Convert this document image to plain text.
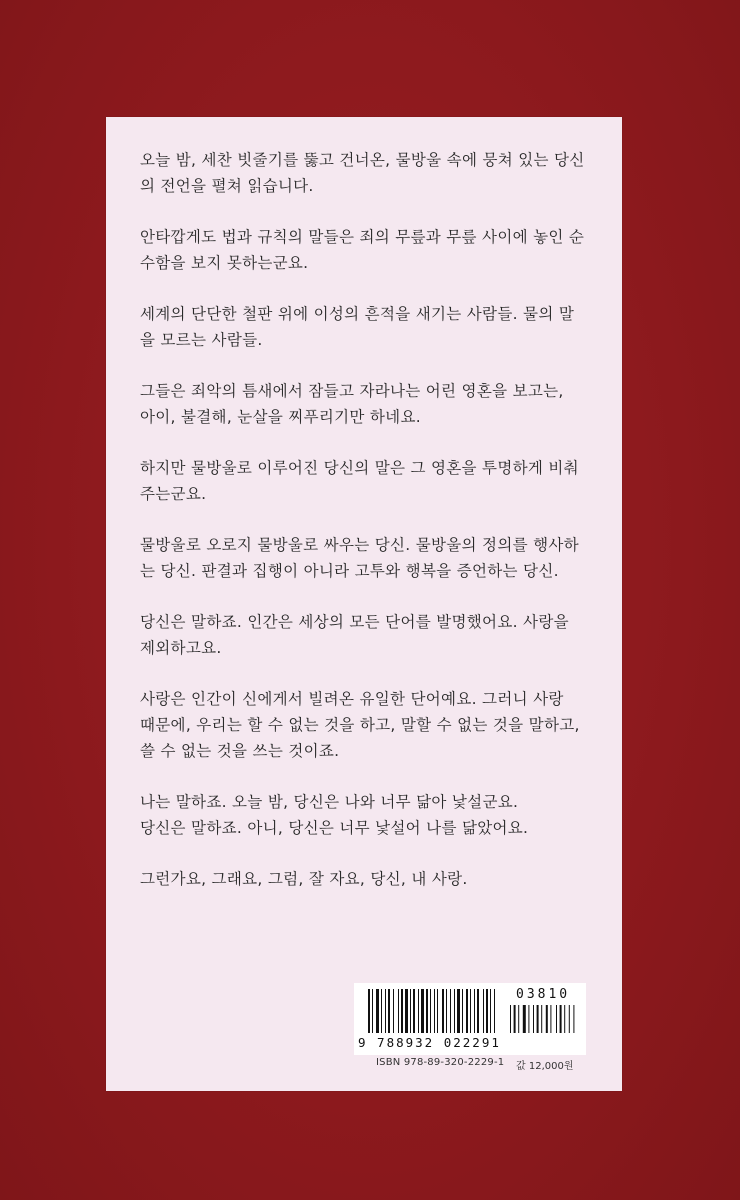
오늘 밤, 세찬 빗줄기를 뚫고 건너온, 물방울 속에 뭉쳐 있는 당신
의 전언을 펼쳐 읽습니다.

안타깝게도 법과 규칙의 말들은 죄의 무릎과 무릎 사이에 놓인 순
수함을 보지 못하는군요.

세계의 단단한 철판 위에 이성의 흔적을 새기는 사람들. 물의 말
을 모르는 사람들.

그들은 죄악의 틈새에서 잠들고 자라나는 어린 영혼을 보고는,
아이, 불결해, 눈살을 찌푸리기만 하네요.

하지만 물방울로 이루어진 당신의 말은 그 영혼을 투명하게 비춰
주는군요.

물방울로 오로지 물방울로 싸우는 당신. 물방울의 정의를 행사하
는 당신. 판결과 집행이 아니라 고투와 행복을 증언하는 당신.

당신은 말하죠. 인간은 세상의 모든 단어를 발명했어요. 사랑을
제외하고요.

사랑은 인간이 신에게서 빌려온 유일한 단어예요. 그러니 사랑
때문에, 우리는 할 수 없는 것을 하고, 말할 수 없는 것을 말하고,
쓸 수 없는 것을 쓰는 것이죠.

나는 말하죠. 오늘 밤, 당신은 나와 너무 닮아 낯설군요.
당신은 말하죠. 아니, 당신은 너무 낯설어 나를 닮았어요.

그런가요, 그래요, 그럼, 잘 자요, 당신, 내 사랑.

9 788932 022291
03810
ISBN 978-89-320-2229-1 값 12,000원
